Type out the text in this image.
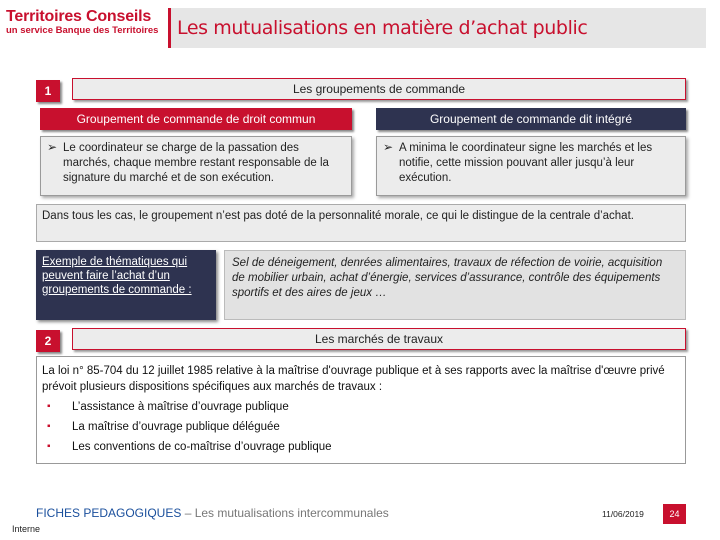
Territoires Conseils
un service Banque des Territoires Les mutualisations en matière d’achat public
1	Les groupements de commande
Groupement de commande de droit commun	Groupement de commande dit intégré
➢ Le coordinateur se charge de la passation des marchés, chaque membre restant responsable de la signature du marché et de son exécution.
➢ A minima le coordinateur signe les marchés et les notifie, cette mission pouvant aller jusqu’à leur exécution.
Dans tous les cas, le groupement n’est pas doté de la personnalité morale, ce qui le distingue de la centrale d’achat.
Exemple de thématiques qui peuvent faire l’achat d’un groupements de commande :
Sel de déneigement, denrées alimentaires, travaux de réfection de voirie, acquisition de mobilier urbain, achat d’énergie, services d’assurance, contrôle des équipements sportifs et des aires de jeux …
2	Les marchés de travaux
La loi n° 85-704 du 12 juillet 1985 relative à la maîtrise d'ouvrage publique et à ses rapports avec la maîtrise d'œuvre privé prévoit plusieurs dispositions spécifiques aux marchés de travaux :
▪ L’assistance à maîtrise d’ouvrage publique
▪ La maîtrise d’ouvrage publique déléguée
▪ Les conventions de co-maîtrise d’ouvrage publique
FICHES PEDAGOGIQUES – Les mutualisations intercommunales	11/06/2019	24
Interne
